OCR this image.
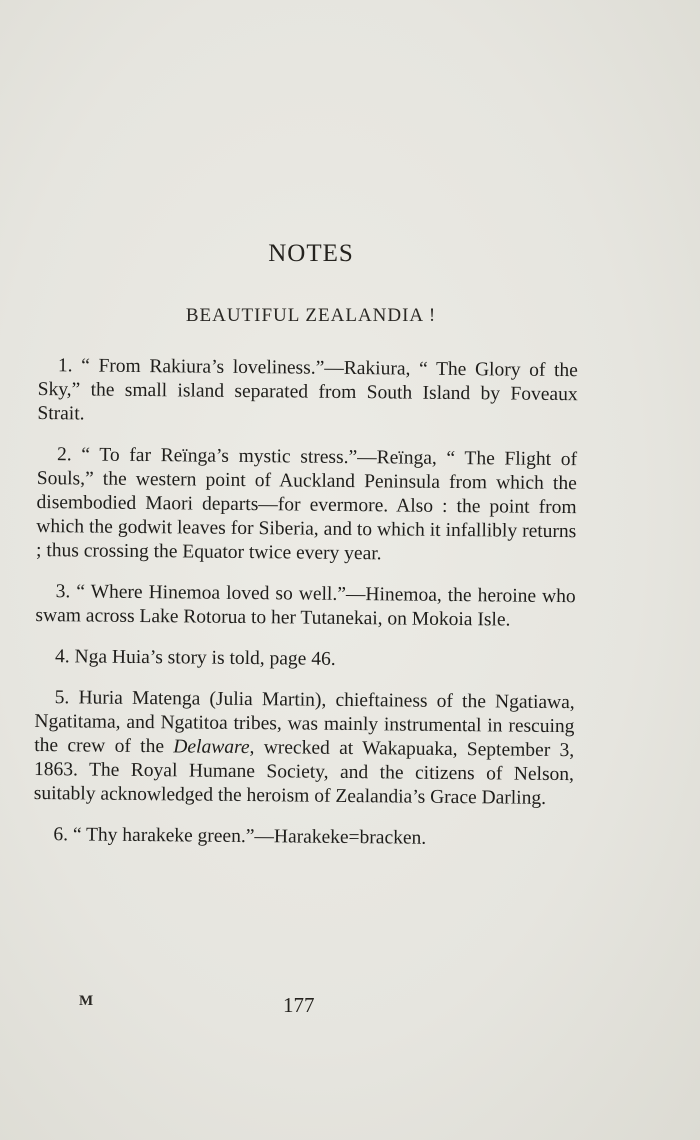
NOTES
BEAUTIFUL ZEALANDIA !

1. “ From Rakiura’s loveliness.”—Rakiura, “ The Glory of the Sky,” the small island separated from South Island by Foveaux Strait.

2. “ To far Reïnga’s mystic stress.”—Reïnga, “ The Flight of Souls,” the western point of Auckland Peninsula from which the disembodied Maori departs—for evermore. Also : the point from which the godwit leaves for Siberia, and to which it infallibly returns ; thus crossing the Equator twice every year.

3. “ Where Hinemoa loved so well.”—Hinemoa, the heroine who swam across Lake Rotorua to her Tutanekai, on Mokoia Isle.

4. Nga Huia’s story is told, page 46.

5. Huria Matenga (Julia Martin), chieftainess of the Ngatiawa, Ngatitama, and Ngatitoa tribes, was mainly instrumental in rescuing the crew of the Delaware, wrecked at Wakapuaka, September 3, 1863. The Royal Humane Society, and the citizens of Nelson, suitably acknowledged the heroism of Zealandia’s Grace Darling.

6. “ Thy harakeke green.”—Harakeke=bracken.

M	177
